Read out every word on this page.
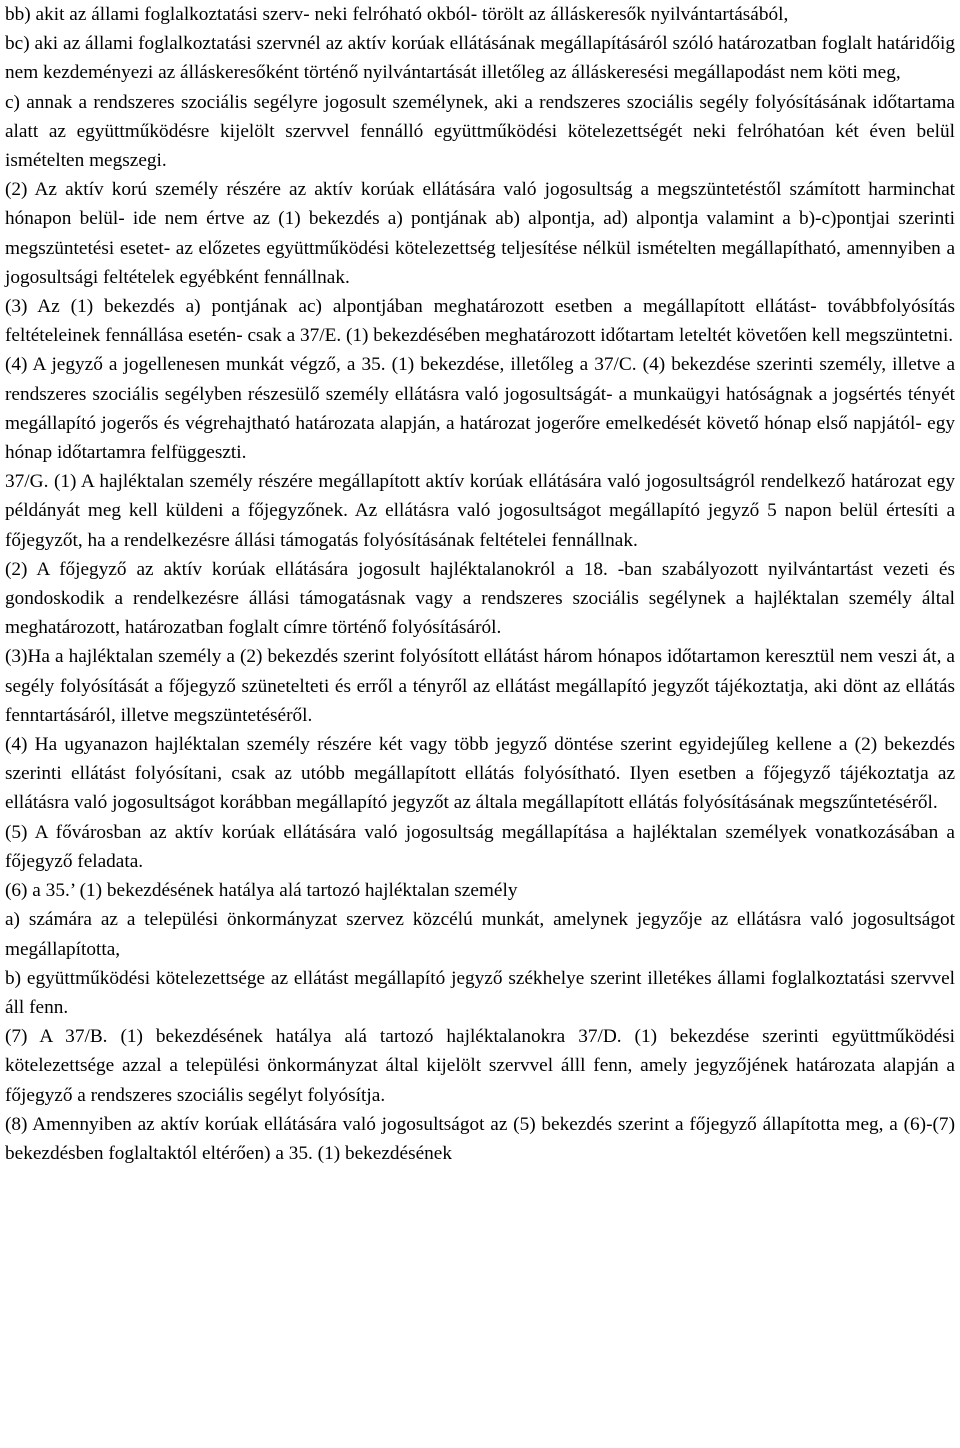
bb) akit az állami foglalkoztatási szerv- neki felróható okból- törölt az álláskeresők nyilvántartásából,

bc) aki az állami foglalkoztatási szervnél az aktív korúak ellátásának megállapításáról szóló határozatban foglalt határidőig nem kezdeményezi az álláskeresőként történő nyilvántartását illetőleg az álláskeresési megállapodást nem köti meg,

c) annak a rendszeres szociális segélyre jogosult személynek, aki a rendszeres szociális segély folyósításának időtartama alatt az együttműködésre kijelölt szervvel fennálló együttműködési kötelezettségét neki felróhatóan két éven belül ismételten megszegi.

(2) Az aktív korú személy részére az aktív korúak ellátására való jogosultság a megszüntetéstől számított harminchat hónapon belül- ide nem értve az (1) bekezdés a) pontjának ab) alpontja, ad) alpontja valamint a b)-c)pontjai szerinti megszüntetési esetet- az előzetes együttműködési kötelezettség teljesítése nélkül ismételten megállapítható, amennyiben a jogosultsági feltételek egyébként fennállnak.

(3) Az (1) bekezdés a) pontjának ac) alpontjában meghatározott esetben a megállapított ellátást- továbbfolyósítás feltételeinek fennállása esetén- csak a 37/E. (1) bekezdésében meghatározott időtartam leteltét követően kell megszüntetni.

(4) A jegyző a jogellenesen munkát végző, a 35. (1) bekezdése, illetőleg a 37/C. (4) bekezdése szerinti személy, illetve a rendszeres szociális segélyben részesülő személy ellátásra való jogosultságát- a munkaügyi hatóságnak a jogsértés tényét megállapító jogerős és végrehajtható határozata alapján, a határozat jogerőre emelkedését követő hónap első napjától- egy hónap időtartamra felfüggeszti.

37/G. (1) A hajléktalan személy részére megállapított aktív korúak ellátására való jogosultságról rendelkező határozat egy példányát meg kell küldeni a főjegyzőnek. Az ellátásra való jogosultságot megállapító jegyző 5 napon belül értesíti a főjegyzőt, ha a rendelkezésre állási támogatás folyósításának feltételei fennállnak.

(2) A főjegyző az aktív korúak ellátására jogosult hajléktalanokról a 18. -ban szabályozott nyilvántartást vezeti és gondoskodik a rendelkezésre állási támogatásnak vagy a rendszeres szociális segélynek a hajléktalan személy által meghatározott, határozatban foglalt címre történő folyósításáról.

(3)Ha a hajléktalan személy a (2) bekezdés szerint folyósított ellátást három hónapos időtartamon keresztül nem veszi át, a segély folyósítását a főjegyző szünetelteti és erről a tényről az ellátást megállapító jegyzőt tájékoztatja, aki dönt az ellátás fenntartásáról, illetve megszüntetéséről.

(4) Ha ugyanazon hajléktalan személy részére két vagy több jegyző döntése szerint egyidejűleg kellene a (2) bekezdés szerinti ellátást folyósítani, csak az utóbb megállapított ellátás folyósítható. Ilyen esetben a főjegyző tájékoztatja az ellátásra való jogosultságot korábban megállapító jegyzőt az általa megállapított ellátás folyósításának megszűntetéséről.

(5) A fővárosban az aktív korúak ellátására való jogosultság megállapítása a hajléktalan személyek vonatkozásában a főjegyző feladata.

(6) a 35.’ (1) bekezdésének hatálya alá tartozó hajléktalan személy

a) számára az a települési önkormányzat szervez közcélú munkát, amelynek jegyzője az ellátásra való jogosultságot megállapította,

b) együttműködési kötelezettsége az ellátást megállapító jegyző székhelye szerint illetékes állami foglalkoztatási szervvel áll fenn.

(7) A 37/B. (1) bekezdésének hatálya alá tartozó hajléktalanokra 37/D. (1) bekezdése szerinti együttműködési kötelezettsége azzal a települési önkormányzat által kijelölt szervvel álll fenn, amely jegyzőjének határozata alapján a főjegyző a rendszeres szociális segélyt folyósítja.

(8) Amennyiben az aktív korúak ellátására való jogosultságot az (5) bekezdés szerint a főjegyző állapította meg, a (6)-(7) bekezdésben foglaltaktól eltérően) a 35. (1) bekezdésének
